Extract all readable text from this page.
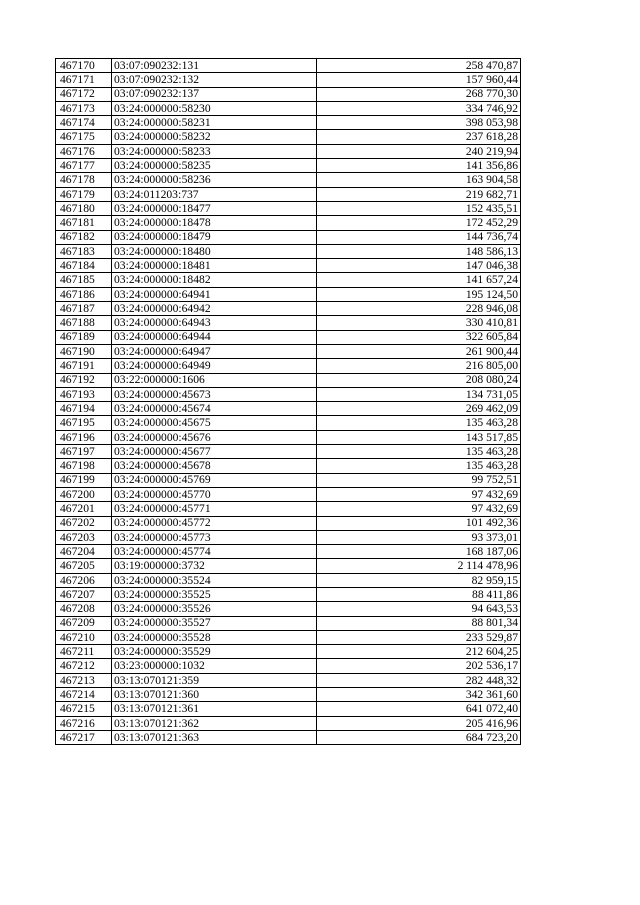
467170	03:07:090232:131	258 470,87
467171	03:07:090232:132	157 960,44
467172	03:07:090232:137	268 770,30
467173	03:24:000000:58230	334 746,92
467174	03:24:000000:58231	398 053,98
467175	03:24:000000:58232	237 618,28
467176	03:24:000000:58233	240 219,94
467177	03:24:000000:58235	141 356,86
467178	03:24:000000:58236	163 904,58
467179	03:24:011203:737	219 682,71
467180	03:24:000000:18477	152 435,51
467181	03:24:000000:18478	172 452,29
467182	03:24:000000:18479	144 736,74
467183	03:24:000000:18480	148 586,13
467184	03:24:000000:18481	147 046,38
467185	03:24:000000:18482	141 657,24
467186	03:24:000000:64941	195 124,50
467187	03:24:000000:64942	228 946,08
467188	03:24:000000:64943	330 410,81
467189	03:24:000000:64944	322 605,84
467190	03:24:000000:64947	261 900,44
467191	03:24:000000:64949	216 805,00
467192	03:22:000000:1606	208 080,24
467193	03:24:000000:45673	134 731,05
467194	03:24:000000:45674	269 462,09
467195	03:24:000000:45675	135 463,28
467196	03:24:000000:45676	143 517,85
467197	03:24:000000:45677	135 463,28
467198	03:24:000000:45678	135 463,28
467199	03:24:000000:45769	99 752,51
467200	03:24:000000:45770	97 432,69
467201	03:24:000000:45771	97 432,69
467202	03:24:000000:45772	101 492,36
467203	03:24:000000:45773	93 373,01
467204	03:24:000000:45774	168 187,06
467205	03:19:000000:3732	2 114 478,96
467206	03:24:000000:35524	82 959,15
467207	03:24:000000:35525	88 411,86
467208	03:24:000000:35526	94 643,53
467209	03:24:000000:35527	88 801,34
467210	03:24:000000:35528	233 529,87
467211	03:24:000000:35529	212 604,25
467212	03:23:000000:1032	202 536,17
467213	03:13:070121:359	282 448,32
467214	03:13:070121:360	342 361,60
467215	03:13:070121:361	641 072,40
467216	03:13:070121:362	205 416,96
467217	03:13:070121:363	684 723,20
